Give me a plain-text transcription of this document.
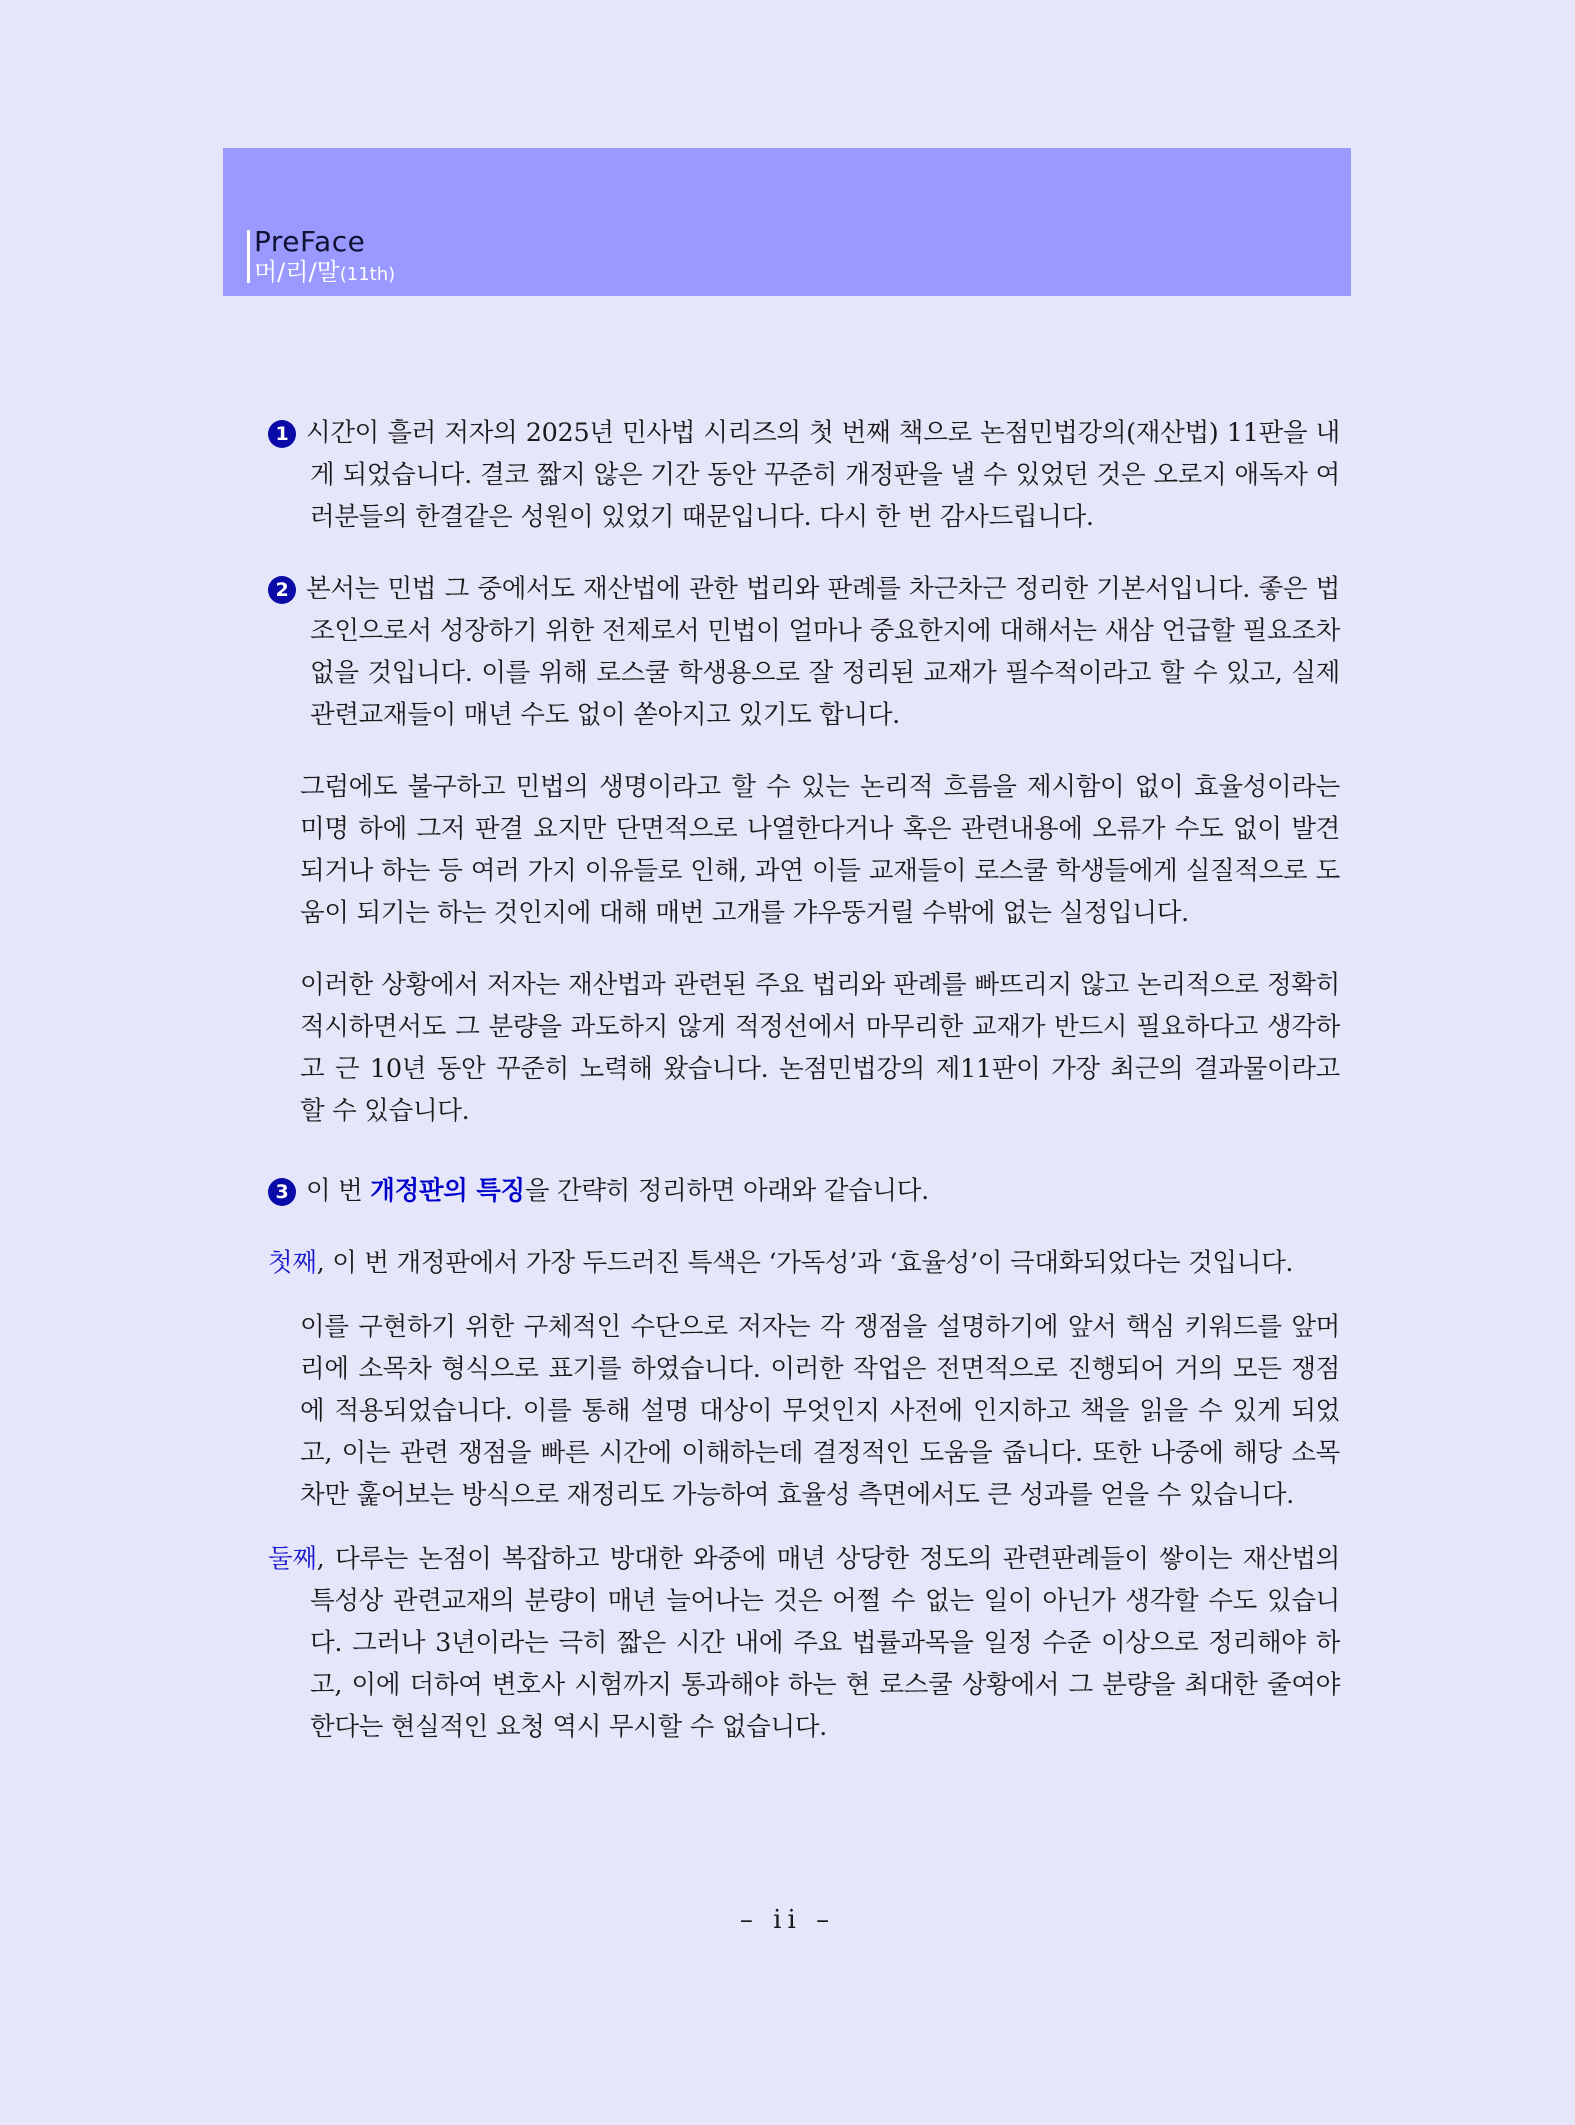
PreFace
머/리/말(11th)

1 시간이 흘러 저자의 2025년 민사법 시리즈의 첫 번째 책으로 논점민법강의(재산법) 11판을 내게 되었습니다. 결코 짧지 않은 기간 동안 꾸준히 개정판을 낼 수 있었던 것은 오로지 애독자 여러분들의 한결같은 성원이 있었기 때문입니다. 다시 한 번 감사드립니다.

2 본서는 민법 그 중에서도 재산법에 관한 법리와 판례를 차근차근 정리한 기본서입니다. 좋은 법조인으로서 성장하기 위한 전제로서 민법이 얼마나 중요한지에 대해서는 새삼 언급할 필요조차 없을 것입니다. 이를 위해 로스쿨 학생용으로 잘 정리된 교재가 필수적이라고 할 수 있고, 실제 관련교재들이 매년 수도 없이 쏟아지고 있기도 합니다.

그럼에도 불구하고 민법의 생명이라고 할 수 있는 논리적 흐름을 제시함이 없이 효율성이라는 미명 하에 그저 판결 요지만 단면적으로 나열한다거나 혹은 관련내용에 오류가 수도 없이 발견되거나 하는 등 여러 가지 이유들로 인해, 과연 이들 교재들이 로스쿨 학생들에게 실질적으로 도움이 되기는 하는 것인지에 대해 매번 고개를 갸우뚱거릴 수밖에 없는 실정입니다.

이러한 상황에서 저자는 재산법과 관련된 주요 법리와 판례를 빠뜨리지 않고 논리적으로 정확히 적시하면서도 그 분량을 과도하지 않게 적정선에서 마무리한 교재가 반드시 필요하다고 생각하고 근 10년 동안 꾸준히 노력해 왔습니다. 논점민법강의 제11판이 가장 최근의 결과물이라고 할 수 있습니다.

3 이 번 개정판의 특징을 간략히 정리하면 아래와 같습니다.

첫째, 이 번 개정판에서 가장 두드러진 특색은 ‘가독성’과 ‘효율성’이 극대화되었다는 것입니다.

이를 구현하기 위한 구체적인 수단으로 저자는 각 쟁점을 설명하기에 앞서 핵심 키워드를 앞머리에 소목차 형식으로 표기를 하였습니다. 이러한 작업은 전면적으로 진행되어 거의 모든 쟁점에 적용되었습니다. 이를 통해 설명 대상이 무엇인지 사전에 인지하고 책을 읽을 수 있게 되었고, 이는 관련 쟁점을 빠른 시간에 이해하는데 결정적인 도움을 줍니다. 또한 나중에 해당 소목차만 훑어보는 방식으로 재정리도 가능하여 효율성 측면에서도 큰 성과를 얻을 수 있습니다.

둘째, 다루는 논점이 복잡하고 방대한 와중에 매년 상당한 정도의 관련판례들이 쌓이는 재산법의 특성상 관련교재의 분량이 매년 늘어나는 것은 어쩔 수 없는 일이 아닌가 생각할 수도 있습니다. 그러나 3년이라는 극히 짧은 시간 내에 주요 법률과목을 일정 수준 이상으로 정리해야 하고, 이에 더하여 변호사 시험까지 통과해야 하는 현 로스쿨 상황에서 그 분량을 최대한 줄여야 한다는 현실적인 요청 역시 무시할 수 없습니다.

– ii –
